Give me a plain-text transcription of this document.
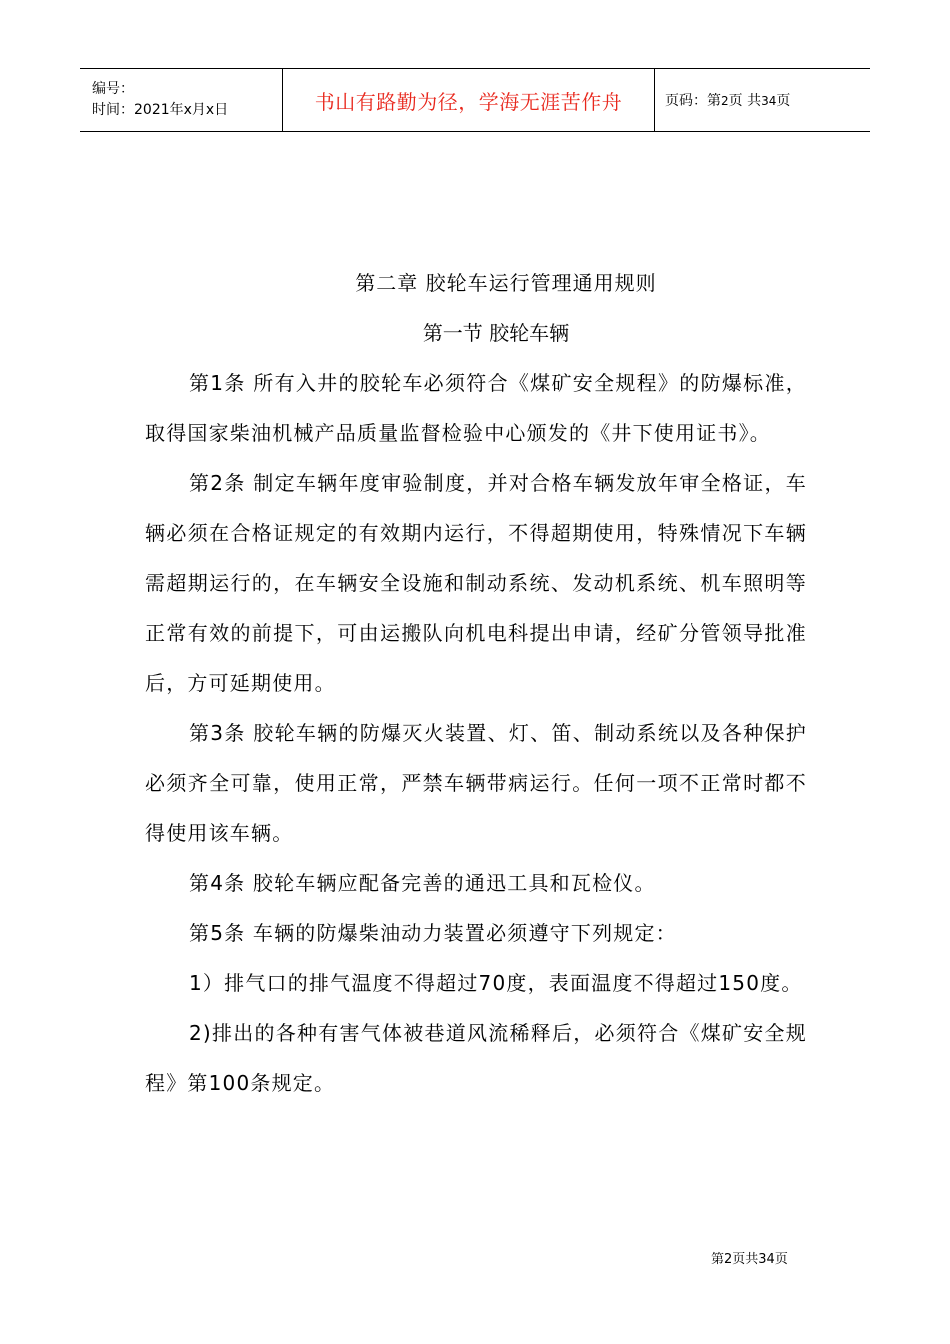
编号：
时间：2021年x月x日	书山有路勤为径，学海无涯苦作舟	页码：第2页 共34页
第二章 胶轮车运行管理通用规则
第一节 胶轮车辆

第1条 所有入井的胶轮车必须符合《煤矿安全规程》的防爆标准，取得国家柴油机械产品质量监督检验中心颁发的《井下使用证书》。

第2条 制定车辆年度审验制度，并对合格车辆发放年审全格证，车辆必须在合格证规定的有效期内运行，不得超期使用，特殊情况下车辆需超期运行的，在车辆安全设施和制动系统、发动机系统、机车照明等正常有效的前提下，可由运搬队向机电科提出申请，经矿分管领导批准后，方可延期使用。

第3条 胶轮车辆的防爆灭火装置、灯、笛、制动系统以及各种保护必须齐全可靠，使用正常，严禁车辆带病运行。任何一项不正常时都不得使用该车辆。

第4条 胶轮车辆应配备完善的通迅工具和瓦检仪。

第5条 车辆的防爆柴油动力装置必须遵守下列规定：

1）排气口的排气温度不得超过70度，表面温度不得超过150度。

2)排出的各种有害气体被巷道风流稀释后，必须符合《煤矿安全规程》第100条规定。

第2页共34页
